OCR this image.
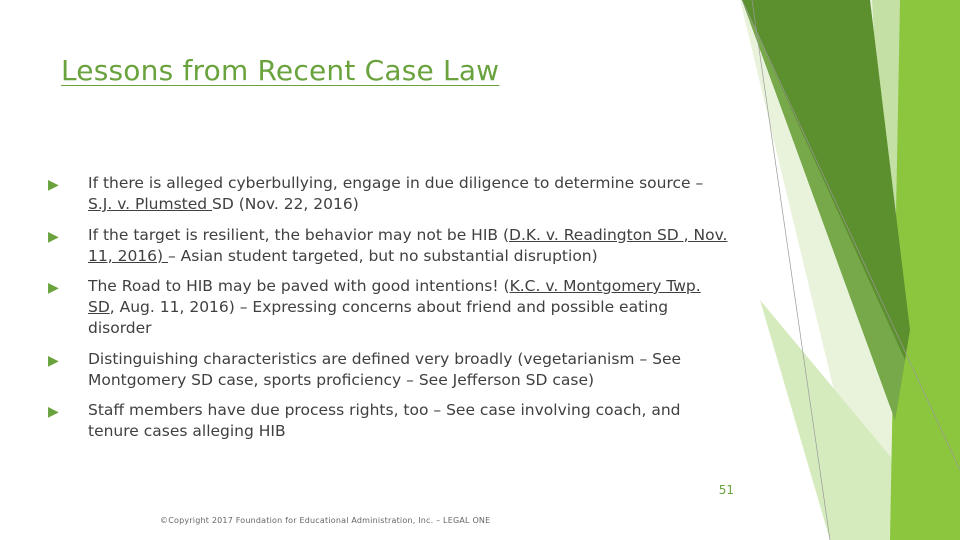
Lessons from Recent Case Law
▶ If there is alleged cyberbullying, engage in due diligence to determine source – S.J. v. Plumsted SD (Nov. 22, 2016)
▶ If the target is resilient, the behavior may not be HIB (D.K. v. Readington SD , Nov. 11, 2016) – Asian student targeted, but no substantial disruption)
▶ The Road to HIB may be paved with good intentions! (K.C. v. Montgomery Twp. SD, Aug. 11, 2016) – Expressing concerns about friend and possible eating disorder
▶ Distinguishing characteristics are defined very broadly (vegetarianism – See Montgomery SD case, sports proficiency – See Jefferson SD case)
▶ Staff members have due process rights, too – See case involving coach, and tenure cases alleging HIB
51
©Copyright 2017 Foundation for Educational Administration, Inc. – LEGAL ONE
